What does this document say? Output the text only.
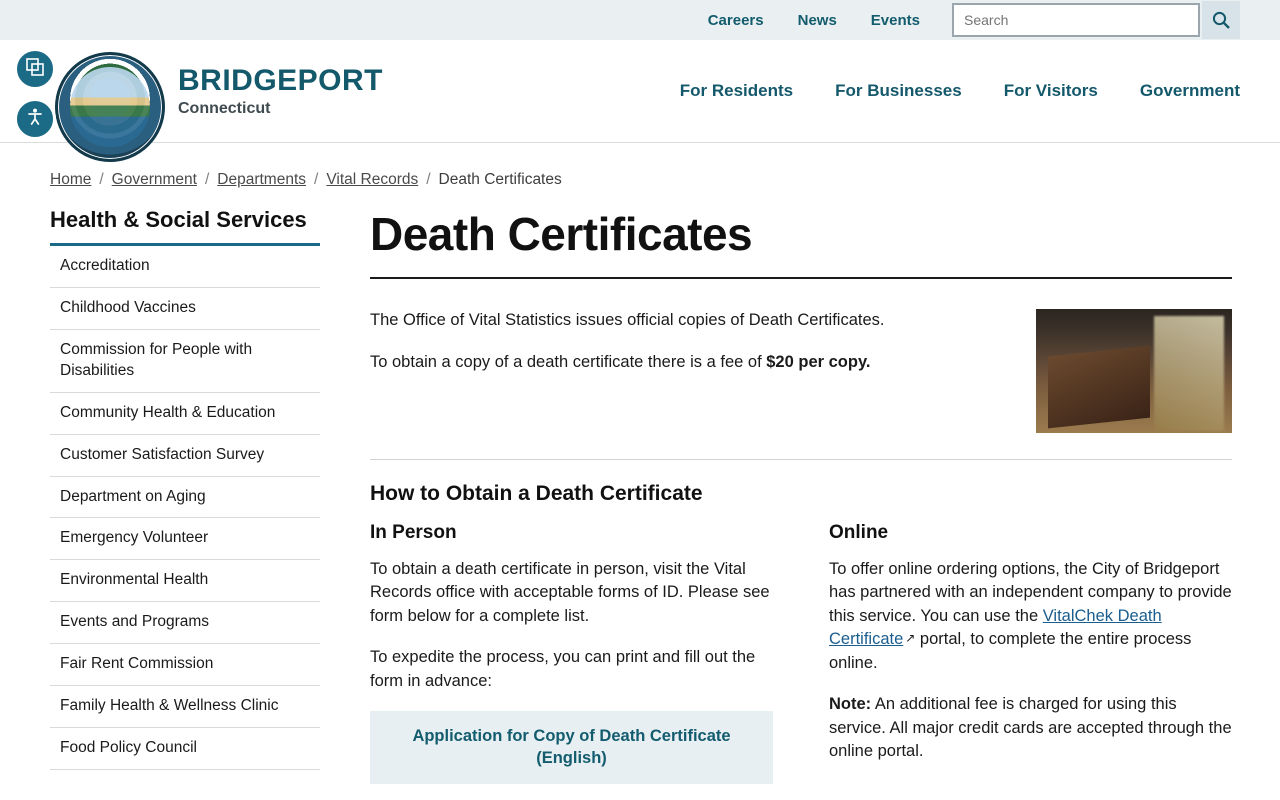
Careers News Events
Search
BRIDGEPORT
Connecticut
For Residents For Businesses For Visitors Government
Home / Government / Departments / Vital Records / Death Certificates
Health & Social Services
Accreditation
Childhood Vaccines
Commission for People with Disabilities
Community Health & Education
Customer Satisfaction Survey
Department on Aging
Emergency Volunteer
Environmental Health
Events and Programs
Fair Rent Commission
Family Health & Wellness Clinic
Food Policy Council
Death Certificates

The Office of Vital Statistics issues official copies of Death Certificates.

To obtain a copy of a death certificate there is a fee of $20 per copy.

How to Obtain a Death Certificate
In Person

To obtain a death certificate in person, visit the Vital Records office with acceptable forms of ID. Please see form below for a complete list.

To expedite the process, you can print and fill out the form in advance:

Application for Copy of Death Certificate (English)
Online

To offer online ordering options, the City of Bridgeport has partnered with an independent company to provide this service. You can use the VitalChek Death Certificate ↗ portal, to complete the entire process online.

Note: An additional fee is charged for using this service. All major credit cards are accepted through the online portal.
